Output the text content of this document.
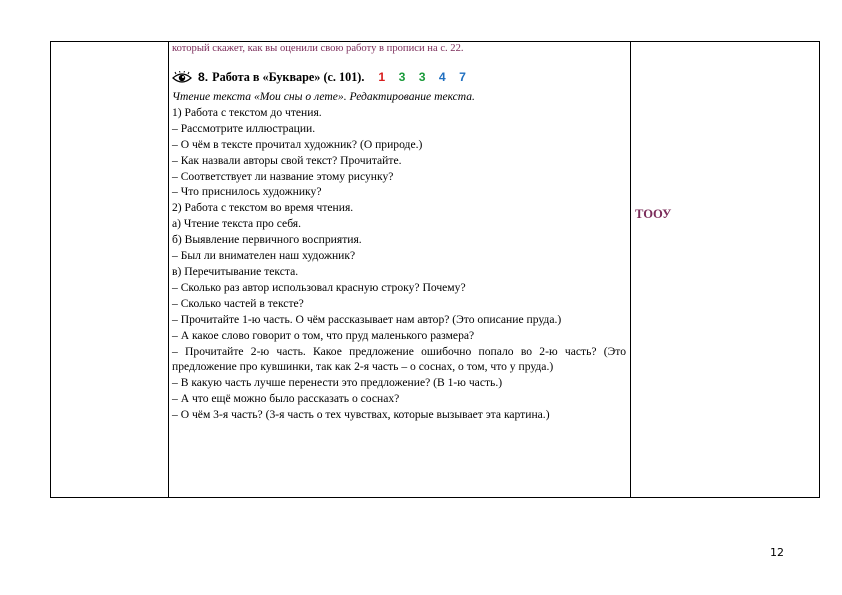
который скажет, как вы оценили свою работу в прописи на с. 22.
8. Работа в «Букваре» (с. 101). 1 3 3 4 7
Чтение текста «Мои сны о лете». Редактирование текста.
1) Работа с текстом до чтения.
– Рассмотрите иллюстрации.
– О чём в тексте прочитал художник? (О природе.)
– Как назвали авторы свой текст? Прочитайте.
– Соответствует ли название этому рисунку?
– Что приснилось художнику?
2) Работа с текстом во время чтения.
а) Чтение текста про себя.
б) Выявление первичного восприятия.
– Был ли внимателен наш художник?
в) Перечитывание текста.
– Сколько раз автор использовал красную строку? Почему?
– Сколько частей в тексте?
– Прочитайте 1-ю часть. О чём рассказывает нам автор? (Это описание пруда.)
– А какое слово говорит о том, что пруд маленького размера?
– Прочитайте 2-ю часть. Какое предложение ошибочно попало во 2-ю часть? (Это предложение про кувшинки, так как 2-я часть – о соснах, о том, что у пруда.)
– В какую часть лучше перенести это предложение? (В 1-ю часть.)
– А что ещё можно было рассказать о соснах?
– О чём 3-я часть? (3-я часть о тех чувствах, которые вызывает эта картина.)
ТООУ
12
